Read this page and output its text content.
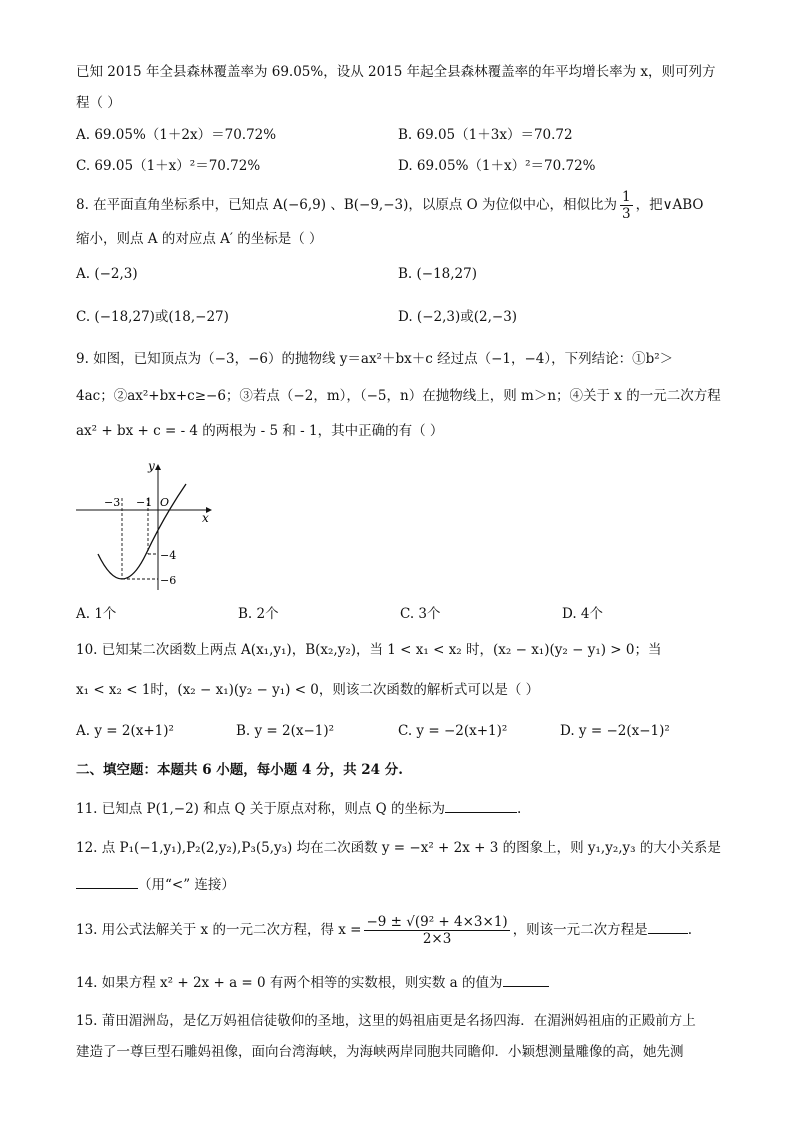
已知 2015 年全县森林覆盖率为 69.05%，设从 2015 年起全县森林覆盖率的年平均增长率为 x，则可列方
程（ ）
A. 69.05%（1＋2x）＝70.72%	B. 69.05（1＋3x）＝70.72
C. 69.05（1＋x）²＝70.72%	D. 69.05%（1＋x）²＝70.72%
8. 在平面直角坐标系中，已知点 A(−6,9) 、B(−9,−3)，以原点 O 为位似中心，相似比为 $\frac{1}{3}$ ，把∨ABO
缩小，则点 A 的对应点 A′ 的坐标是（ ）
A. (−2,3)	B. (−18,27)
C. (−18,27)或(18,−27)	D. (−2,3)或(2,−3)
9. 如图，已知顶点为（−3，−6）的抛物线 y＝ax²＋bx＋c 经过点（−1，−4），下列结论：①b²＞
4ac；②ax²+bx+c≥−6；③若点（−2，m），（−5，n）在抛物线上，则 m＞n；④关于 x 的一元二次方程
ax² + bx + c = - 4 的两根为 - 5 和 - 1，其中正确的有（ ）
y
x
−3 −1 O
−4
−6
A. 1个	B. 2个	C. 3个	D. 4个
10. 已知某二次函数上两点 A(x₁,y₁)，B(x₂,y₂)，当 1 < x₁ < x₂ 时，(x₂ − x₁)(y₂ − y₁) > 0；当
x₁ < x₂ < 1时，(x₂ − x₁)(y₂ − y₁) < 0，则该二次函数的解析式可以是（ ）
A. y = 2(x+1)²	B. y = 2(x−1)²	C. y = −2(x+1)²	D. y = −2(x−1)²
二、填空题：本题共 6 小题，每小题 4 分，共 24 分.
11. 已知点 P(1,−2) 和点 Q 关于原点对称，则点 Q 的坐标为	.
12. 点 P₁(−1,y₁),P₂(2,y₂),P₃(5,y₃) 均在二次函数 y = −x² + 2x + 3 的图象上，则 y₁,y₂,y₃ 的大小关系是
（用“<” 连接）
13. 用公式法解关于 x 的一元二次方程，得 $x = \frac{\text{−9 ± √(9² + 4×3×1)}}{2\times 3}$ ，则该一元二次方程是	.
14. 如果方程 x² + 2x + a = 0 有两个相等的实数根，则实数 a 的值为
15. 莆田湄洲岛，是亿万妈祖信徒敬仰的圣地，这里的妈祖庙更是名扬四海．在湄洲妈祖庙的正殿前方上
建造了一尊巨型石雕妈祖像，面向台湾海峡，为海峡两岸同胞共同瞻仰．小颖想测量雕像的高，她先测
